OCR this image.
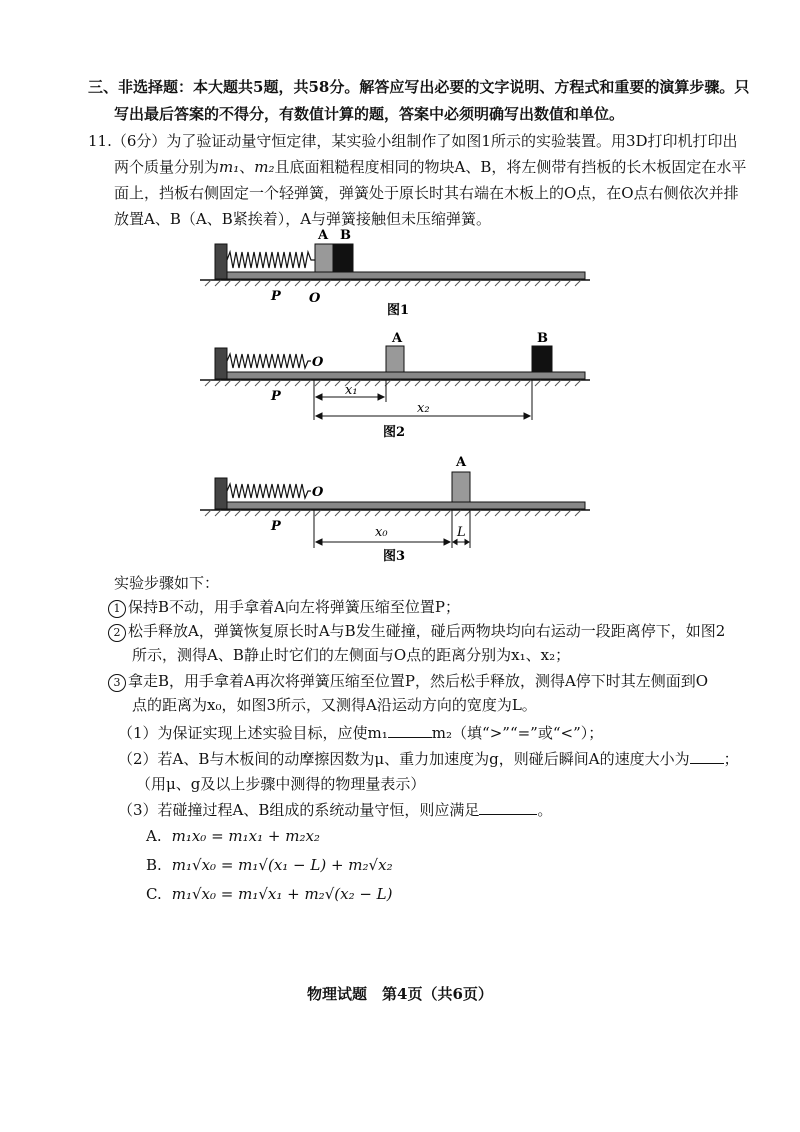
三、非选择题：本大题共5题，共58分。解答应写出必要的文字说明、方程式和重要的演算步骤。只
写出最后答案的不得分，有数值计算的题，答案中必须明确写出数值和单位。
11.（6分）为了验证动量守恒定律，某实验小组制作了如图1所示的实验装置。用3D打印机打印出
两个质量分别为m₁、m₂且底面粗糙程度相同的物块A、B，将左侧带有挡板的长木板固定在水平
面上，挡板右侧固定一个轻弹簧，弹簧处于原长时其右端在木板上的O点，在O点右侧依次并排
放置A、B（A、B紧挨着），A与弹簧接触但未压缩弹簧。
A B
P O
图1
O
A	B
P	x₁
x₂
图2
O
A
P	x₀	L
图3
实验步骤如下：
1 保持B不动，用手拿着A向左将弹簧压缩至位置P；
2 松手释放A，弹簧恢复原长时A与B发生碰撞，碰后两物块均向右运动一段距离停下，如图2
所示，测得A、B静止时它们的左侧面与O点的距离分别为x₁、x₂；
3 拿走B，用手拿着A再次将弹簧压缩至位置P，然后松手释放，测得A停下时其左侧面到O
点的距离为x₀，如图3所示，又测得A沿运动方向的宽度为L。
（1）为保证实现上述实验目标，应使m₁	m₂（填“>”“=”或“<”）；
（2）若A、B与木板间的动摩擦因数为μ、重力加速度为g，则碰后瞬间A的速度大小为 ；
（用μ、g及以上步骤中测得的物理量表示）
（3）若碰撞过程A、B组成的系统动量守恒，则应满足	。
A. m₁x₀ = m₁x₁ + m₂x₂
B. m₁√x₀ = m₁√(x₁ − L) + m₂√x₂
C. m₁√x₀ = m₁√x₁ + m₂√(x₂ − L)
物理试题　第4页（共6页）
